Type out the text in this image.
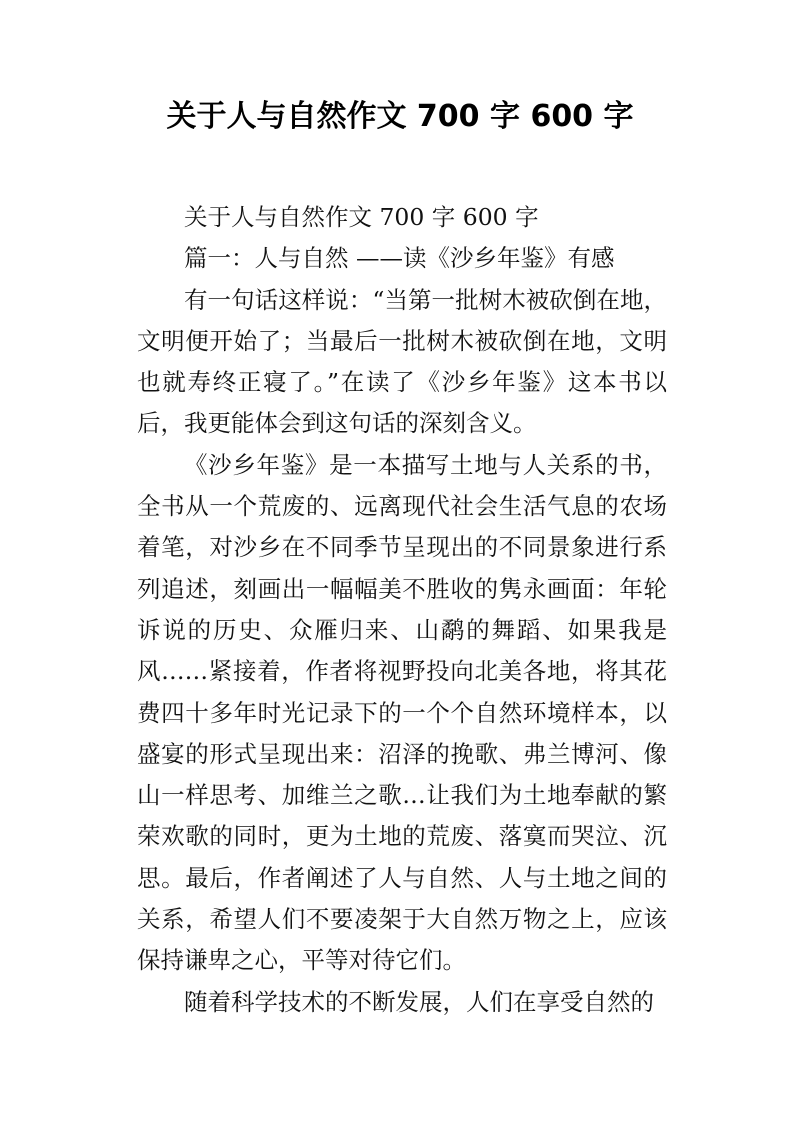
关于人与自然作文 700 字 600 字

关于人与自然作文 700 字 600 字

篇一：人与自然 ——读《沙乡年鉴》有感

有一句话这样说：“当第一批树木被砍倒在地，文明便开始了；当最后一批树木被砍倒在地，文明也就寿终正寝了。”在读了《沙乡年鉴》这本书以后，我更能体会到这句话的深刻含义。

《沙乡年鉴》是一本描写土地与人关系的书，全书从一个荒废的、远离现代社会生活气息的农场着笔，对沙乡在不同季节呈现出的不同景象进行系列追述，刻画出一幅幅美不胜收的隽永画面：年轮诉说的历史、众雁归来、山鹬的舞蹈、如果我是风……紧接着，作者将视野投向北美各地，将其花费四十多年时光记录下的一个个自然环境样本，以盛宴的形式呈现出来：沼泽的挽歌、弗兰博河、像山一样思考、加维兰之歌…让我们为土地奉献的繁荣欢歌的同时，更为土地的荒废、落寞而哭泣、沉思。最后，作者阐述了人与自然、人与土地之间的关系，希望人们不要凌架于大自然万物之上，应该保持谦卑之心，平等对待它们。

随着科学技术的不断发展，人们在享受自然的
